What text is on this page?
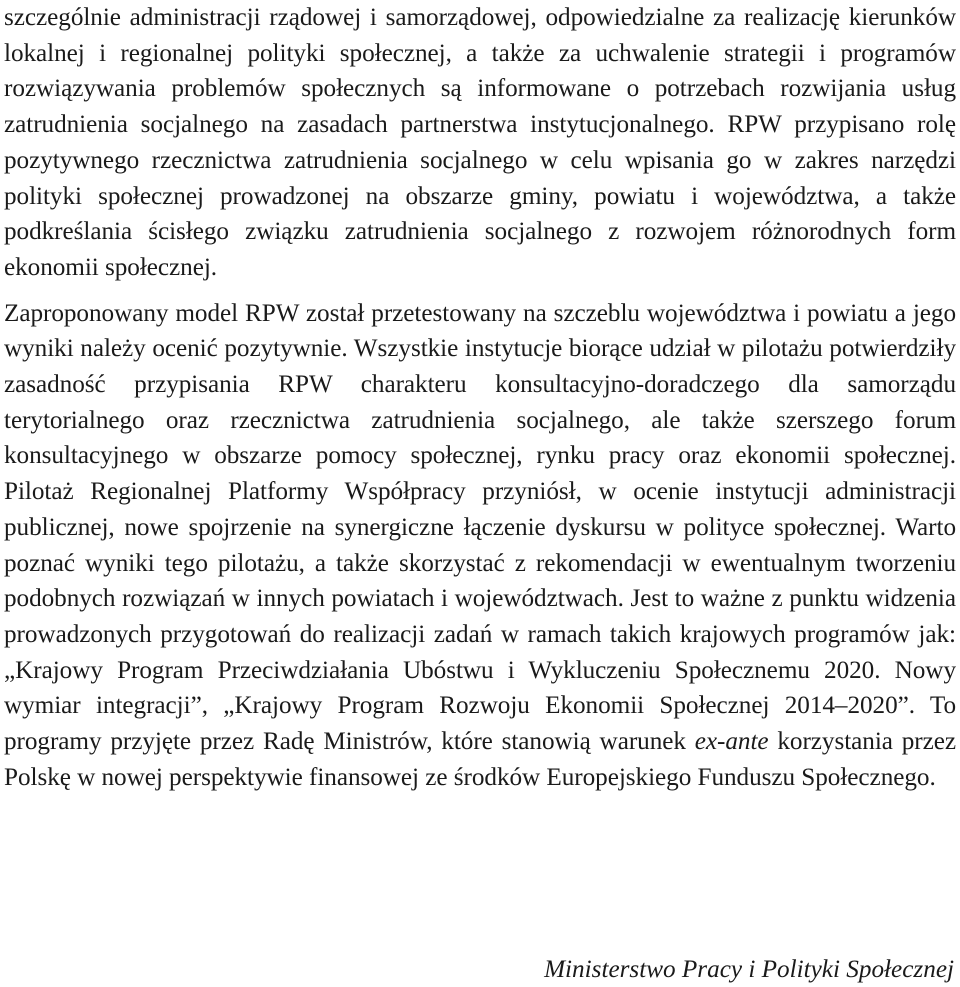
szczególnie administracji rządowej i samorządowej, odpowiedzialne za realizację kierunków lokalnej i regionalnej polityki społecznej, a także za uchwalenie strategii i programów rozwiązywania problemów społecznych są informowane o potrzebach rozwijania usług zatrudnienia socjalnego na zasadach partnerstwa instytucjonalnego. RPW przypisano rolę pozytywnego rzecznictwa zatrudnienia socjalnego w celu wpisania go w zakres narzędzi polityki społecznej prowadzonej na obszarze gminy, powiatu i województwa, a także podkreślania ścisłego związku zatrudnienia socjalnego z rozwojem różnorodnych form ekonomii społecznej.

Zaproponowany model RPW został przetestowany na szczeblu województwa i powiatu a jego wyniki należy ocenić pozytywnie. Wszystkie instytucje biorące udział w pilotażu potwierdziły zasadność przypisania RPW charakteru konsultacyjno-doradczego dla samorządu terytorialnego oraz rzecznictwa zatrudnienia socjalnego, ale także szerszego forum konsultacyjnego w obszarze pomocy społecznej, rynku pracy oraz ekonomii społecznej. Pilotaż Regionalnej Platformy Współpracy przyniósł, w ocenie instytucji administracji publicznej, nowe spojrzenie na synergiczne łączenie dyskursu w polityce społecznej. Warto poznać wyniki tego pilotażu, a także skorzystać z rekomendacji w ewentualnym tworzeniu podobnych rozwiązań w innych powiatach i województwach. Jest to ważne z punktu widzenia prowadzonych przygotowań do realizacji zadań w ramach takich krajowych programów jak: „Krajowy Program Przeciwdziałania Ubóstwu i Wykluczeniu Społecznemu 2020. Nowy wymiar integracji”, „Krajowy Program Rozwoju Ekonomii Społecznej 2014–2020”. To programy przyjęte przez Radę Ministrów, które stanowią warunek ex-ante korzystania przez Polskę w nowej perspektywie finansowej ze środków Europejskiego Funduszu Społecznego.

Ministerstwo Pracy i Polityki Społecznej
